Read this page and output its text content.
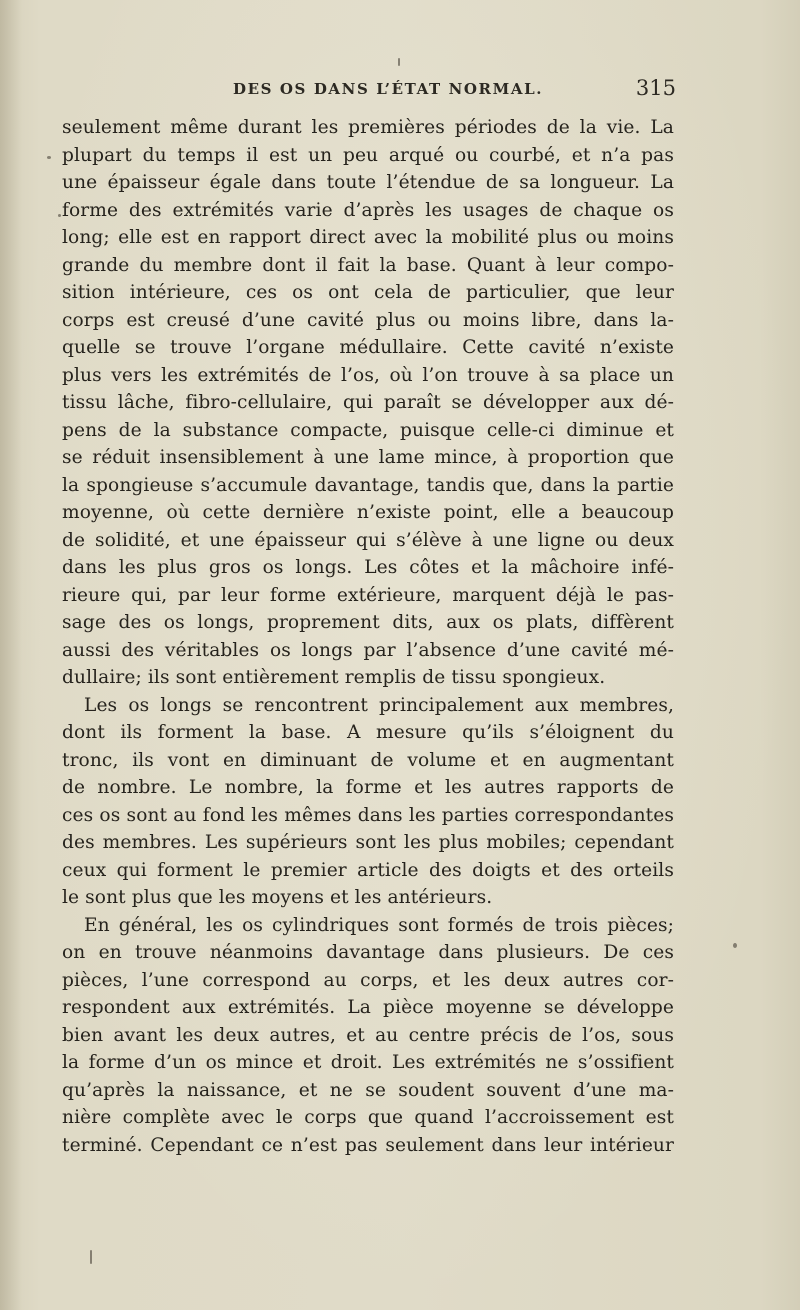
DES OS DANS L’ÉTAT NORMAL.	315
seulement même durant les premières périodes de la vie. La
plupart du temps il est un peu arqué ou courbé, et n’a pas
une épaisseur égale dans toute l’étendue de sa longueur. La
forme des extrémités varie d’après les usages de chaque os
long; elle est en rapport direct avec la mobilité plus ou moins
grande du membre dont il fait la base. Quant à leur compo-
sition intérieure, ces os ont cela de particulier, que leur
corps est creusé d’une cavité plus ou moins libre, dans la-
quelle se trouve l’organe médullaire. Cette cavité n’existe
plus vers les extrémités de l’os, où l’on trouve à sa place un
tissu lâche, fibro-cellulaire, qui paraît se développer aux dé-
pens de la substance compacte, puisque celle-ci diminue et
se réduit insensiblement à une lame mince, à proportion que
la spongieuse s’accumule davantage, tandis que, dans la partie
moyenne, où cette dernière n’existe point, elle a beaucoup
de solidité, et une épaisseur qui s’élève à une ligne ou deux
dans les plus gros os longs. Les côtes et la mâchoire infé-
rieure qui, par leur forme extérieure, marquent déjà le pas-
sage des os longs, proprement dits, aux os plats, diffèrent
aussi des véritables os longs par l’absence d’une cavité mé-
dullaire; ils sont entièrement remplis de tissu spongieux.
Les os longs se rencontrent principalement aux membres,
dont ils forment la base. A mesure qu’ils s’éloignent du
tronc, ils vont en diminuant de volume et en augmentant
de nombre. Le nombre, la forme et les autres rapports de
ces os sont au fond les mêmes dans les parties correspondantes
des membres. Les supérieurs sont les plus mobiles; cependant
ceux qui forment le premier article des doigts et des orteils
le sont plus que les moyens et les antérieurs.
En général, les os cylindriques sont formés de trois pièces;
on en trouve néanmoins davantage dans plusieurs. De ces
pièces, l’une correspond au corps, et les deux autres cor-
respondent aux extrémités. La pièce moyenne se développe
bien avant les deux autres, et au centre précis de l’os, sous
la forme d’un os mince et droit. Les extrémités ne s’ossifient
qu’après la naissance, et ne se soudent souvent d’une ma-
nière complète avec le corps que quand l’accroissement est
terminé. Cependant ce n’est pas seulement dans leur intérieur
